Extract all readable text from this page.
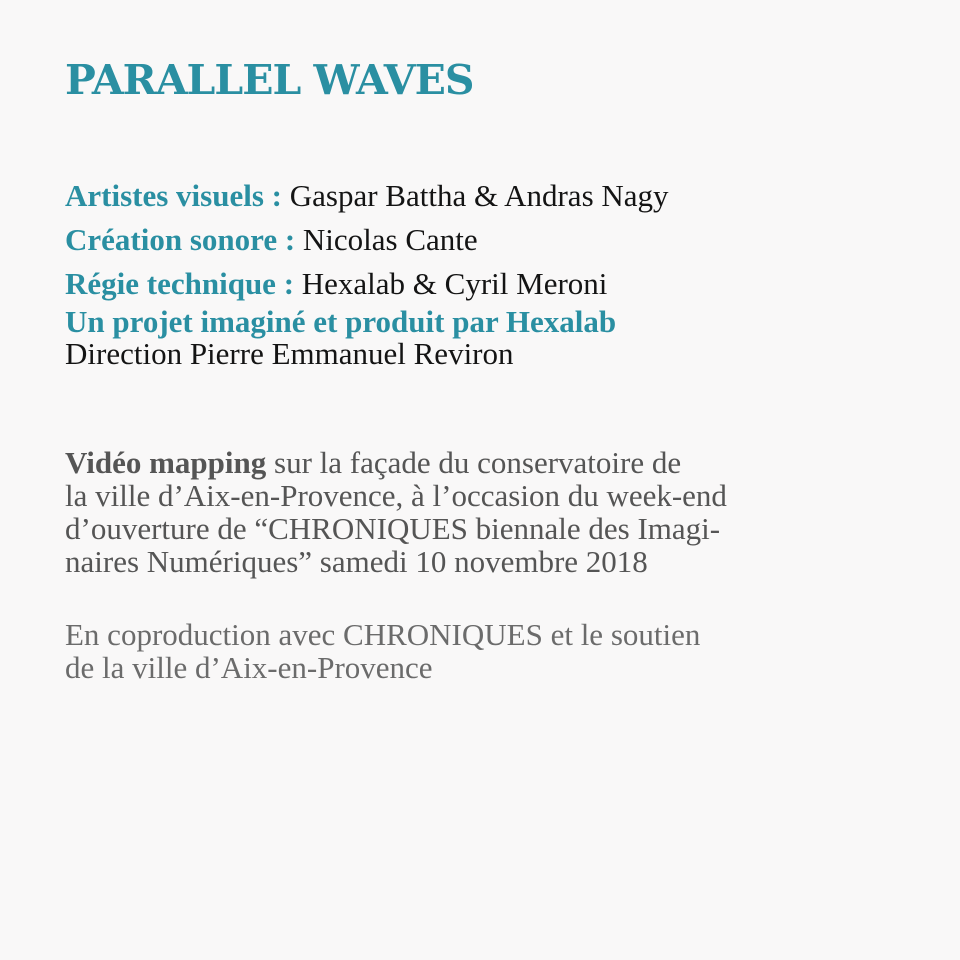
PARALLEL WAVES
Artistes visuels : Gaspar Battha & Andras Nagy
Création sonore : Nicolas Cante
Régie technique : Hexalab & Cyril Meroni
Un projet imaginé et produit par Hexalab
Direction Pierre Emmanuel Reviron
Vidéo mapping sur la façade du conservatoire de
la ville d’Aix-en-Provence, à l’occasion du week-end
d’ouverture de “CHRONIQUES biennale des Imagi-
naires Numériques” samedi 10 novembre 2018
En coproduction avec CHRONIQUES et le soutien
de la ville d’Aix-en-Provence
